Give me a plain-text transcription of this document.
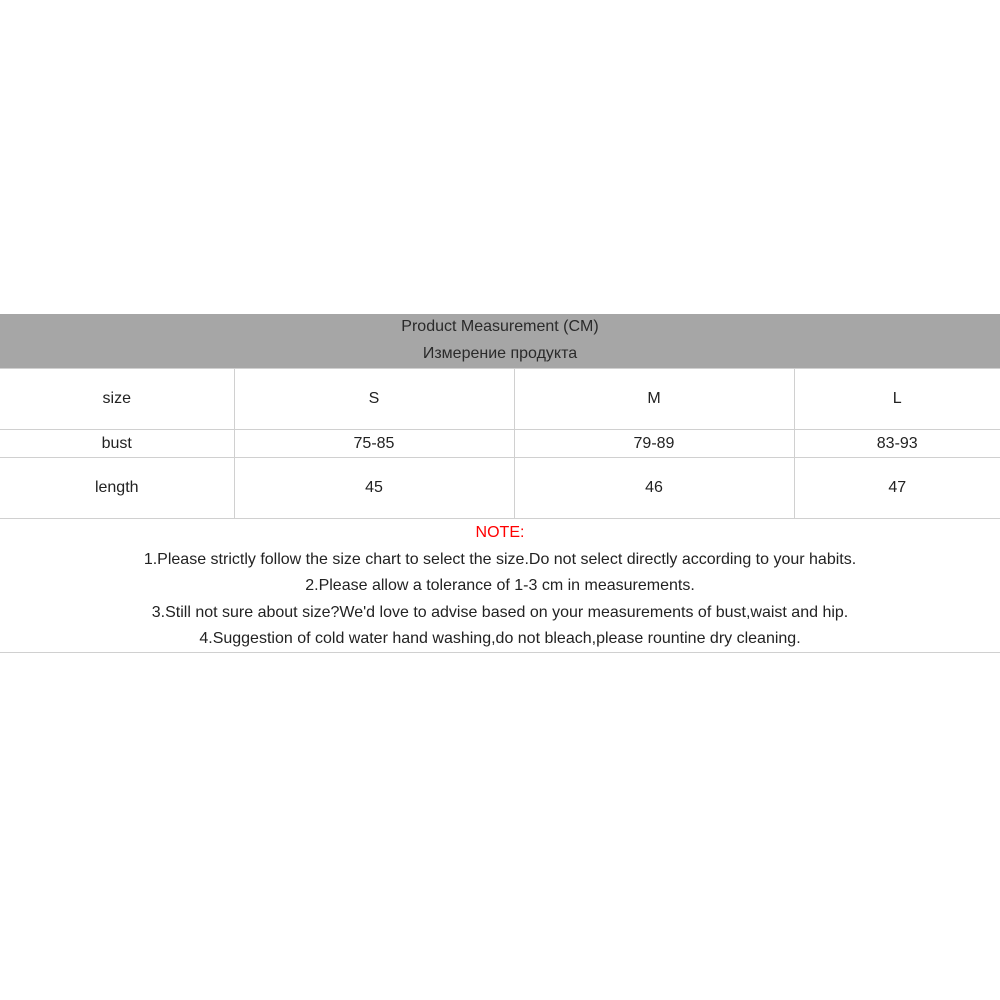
Product Measurement (CM)
Измерение продукта
size	S	M	L
bust	75-85	79-89	83-93
length	45	46	47
NOTE:
1.Please strictly follow the size chart to select the size.Do not select directly according to your habits.
2.Please allow a tolerance of 1-3 cm in measurements.
3.Still not sure about size?We'd love to advise based on your measurements of bust,waist and hip.
4.Suggestion of cold water hand washing,do not bleach,please rountine dry cleaning.
